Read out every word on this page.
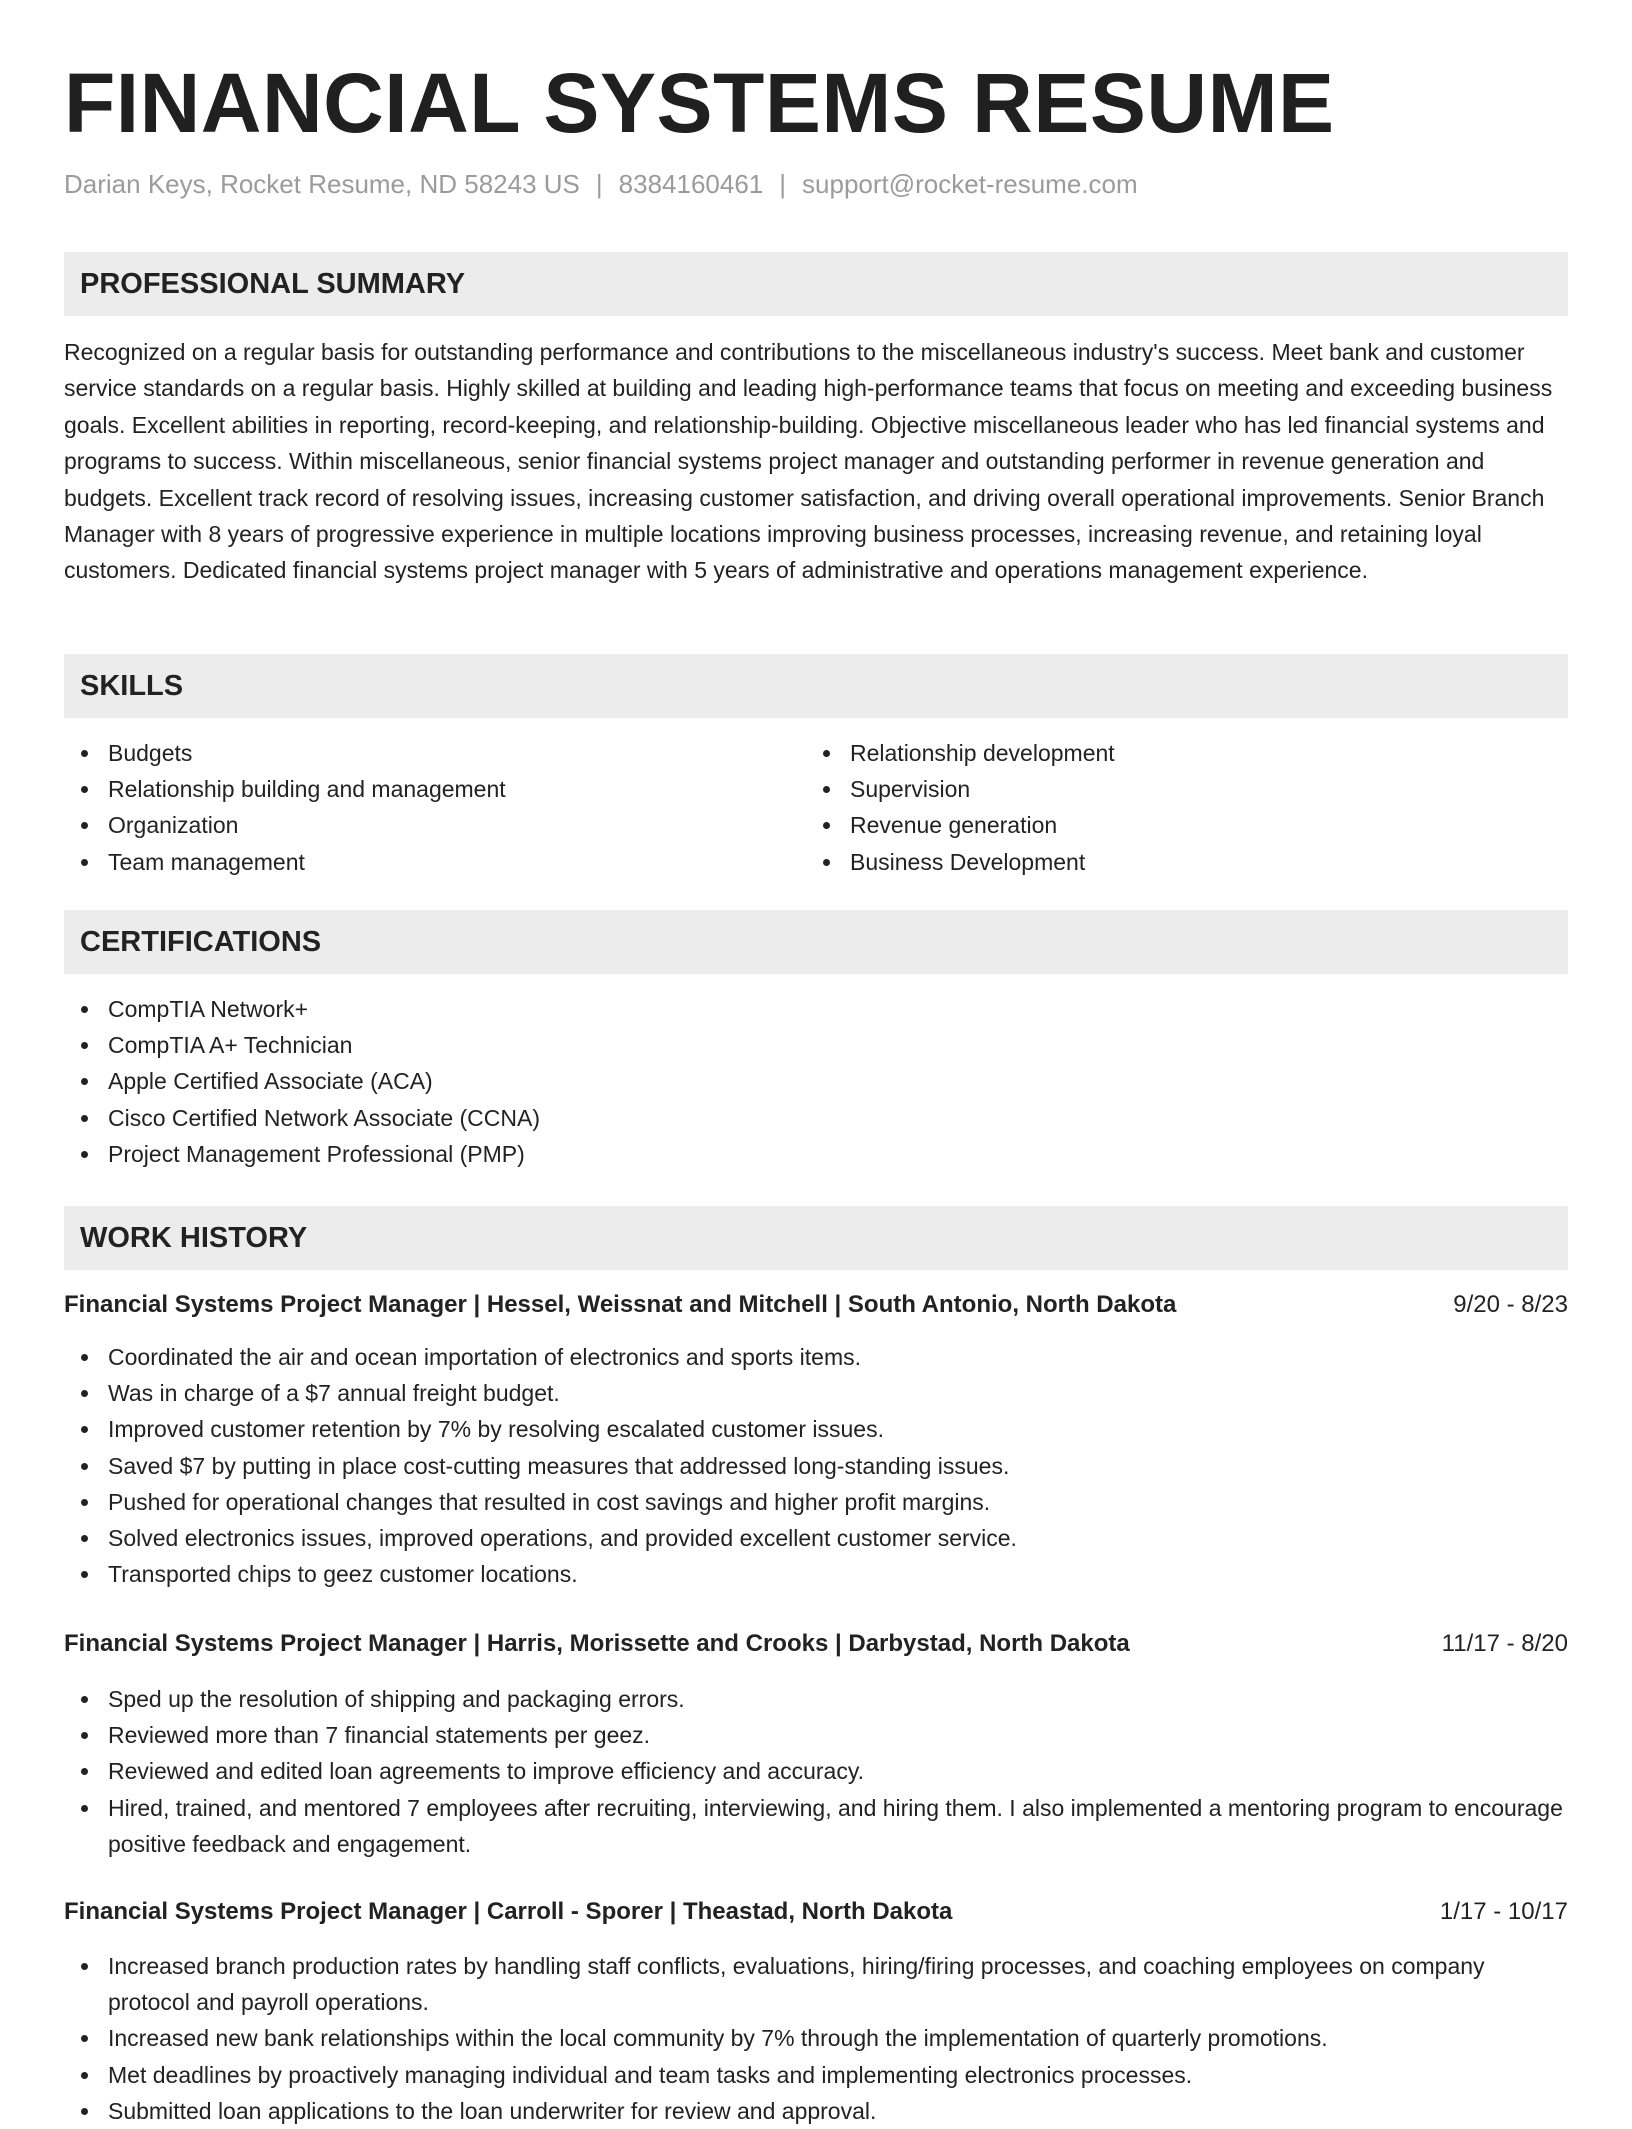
FINANCIAL SYSTEMS RESUME
Darian Keys, Rocket Resume, ND 58243 US | 8384160461 | support@rocket-resume.com
PROFESSIONAL SUMMARY

Recognized on a regular basis for outstanding performance and contributions to the miscellaneous industry's success. Meet bank and customer service standards on a regular basis. Highly skilled at building and leading high-performance teams that focus on meeting and exceeding business goals. Excellent abilities in reporting, record-keeping, and relationship-building. Objective miscellaneous leader who has led financial systems and programs to success. Within miscellaneous, senior financial systems project manager and outstanding performer in revenue generation and budgets. Excellent track record of resolving issues, increasing customer satisfaction, and driving overall operational improvements. Senior Branch Manager with 8 years of progressive experience in multiple locations improving business processes, increasing revenue, and retaining loyal customers. Dedicated financial systems project manager with 5 years of administrative and operations management experience.

SKILLS
Budgets
Relationship building and management
Organization
Team management
Relationship development
Supervision
Revenue generation
Business Development
CERTIFICATIONS
CompTIA Network+
CompTIA A+ Technician
Apple Certified Associate (ACA)
Cisco Certified Network Associate (CCNA)
Project Management Professional (PMP)
WORK HISTORY
Financial Systems Project Manager | Hessel, Weissnat and Mitchell | South Antonio, North Dakota	9/20 - 8/23
Coordinated the air and ocean importation of electronics and sports items.
Was in charge of a $7 annual freight budget.
Improved customer retention by 7% by resolving escalated customer issues.
Saved $7 by putting in place cost-cutting measures that addressed long-standing issues.
Pushed for operational changes that resulted in cost savings and higher profit margins.
Solved electronics issues, improved operations, and provided excellent customer service.
Transported chips to geez customer locations.
Financial Systems Project Manager | Harris, Morissette and Crooks | Darbystad, North Dakota	11/17 - 8/20
Sped up the resolution of shipping and packaging errors.
Reviewed more than 7 financial statements per geez.
Reviewed and edited loan agreements to improve efficiency and accuracy.
Hired, trained, and mentored 7 employees after recruiting, interviewing, and hiring them. I also implemented a mentoring program to encourage positive feedback and engagement.
Financial Systems Project Manager | Carroll - Sporer | Theastad, North Dakota	1/17 - 10/17
Increased branch production rates by handling staff conflicts, evaluations, hiring/firing processes, and coaching employees on company protocol and payroll operations.
Increased new bank relationships within the local community by 7% through the implementation of quarterly promotions.
Met deadlines by proactively managing individual and team tasks and implementing electronics processes.
Submitted loan applications to the loan underwriter for review and approval.
